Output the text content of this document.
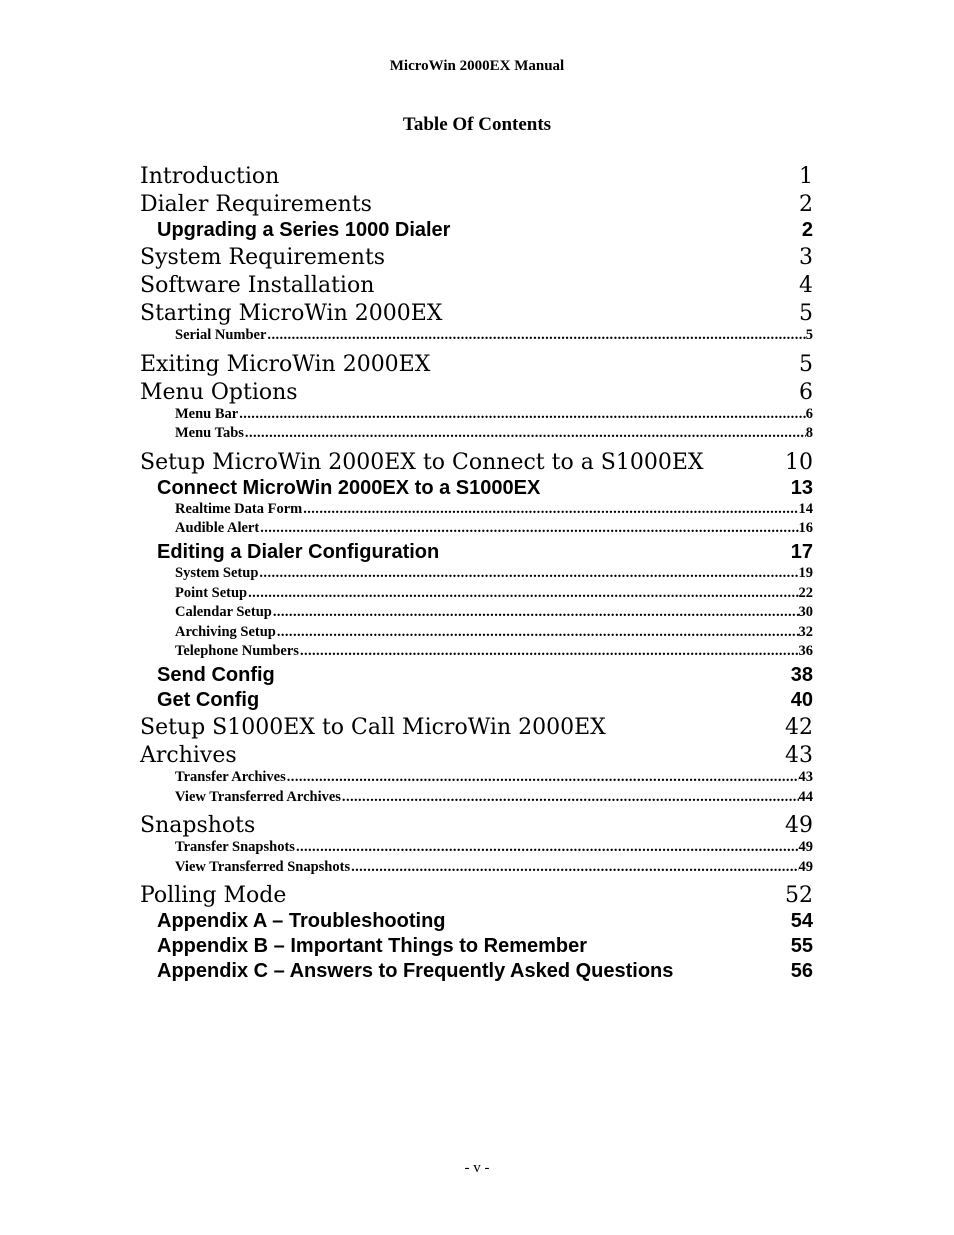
MicroWin 2000EX Manual
Table Of Contents
Introduction	1
Dialer Requirements	2
Upgrading a Series 1000 Dialer	2
System Requirements	3
Software Installation	4
Starting MicroWin 2000EX	5
Serial Number .....	5
Exiting MicroWin 2000EX	5
Menu Options	6
Menu Bar .....	6
Menu Tabs .....	8
Setup MicroWin 2000EX to Connect to a S1000EX	10
Connect MicroWin 2000EX to a S1000EX	13
Realtime Data Form .....	14
Audible Alert .....	16
Editing a Dialer Configuration	17
System Setup .....	19
Point Setup .....	22
Calendar Setup .....	30
Archiving Setup .....	32
Telephone Numbers .....	36
Send Config	38
Get Config	40
Setup S1000EX to Call MicroWin 2000EX	42
Archives	43
Transfer Archives .....	43
View Transferred Archives .....	44
Snapshots	49
Transfer Snapshots .....	49
View Transferred Snapshots .....	49
Polling Mode	52
Appendix A – Troubleshooting	54
Appendix B – Important Things to Remember	55
Appendix C – Answers to Frequently Asked Questions	56
- v -
